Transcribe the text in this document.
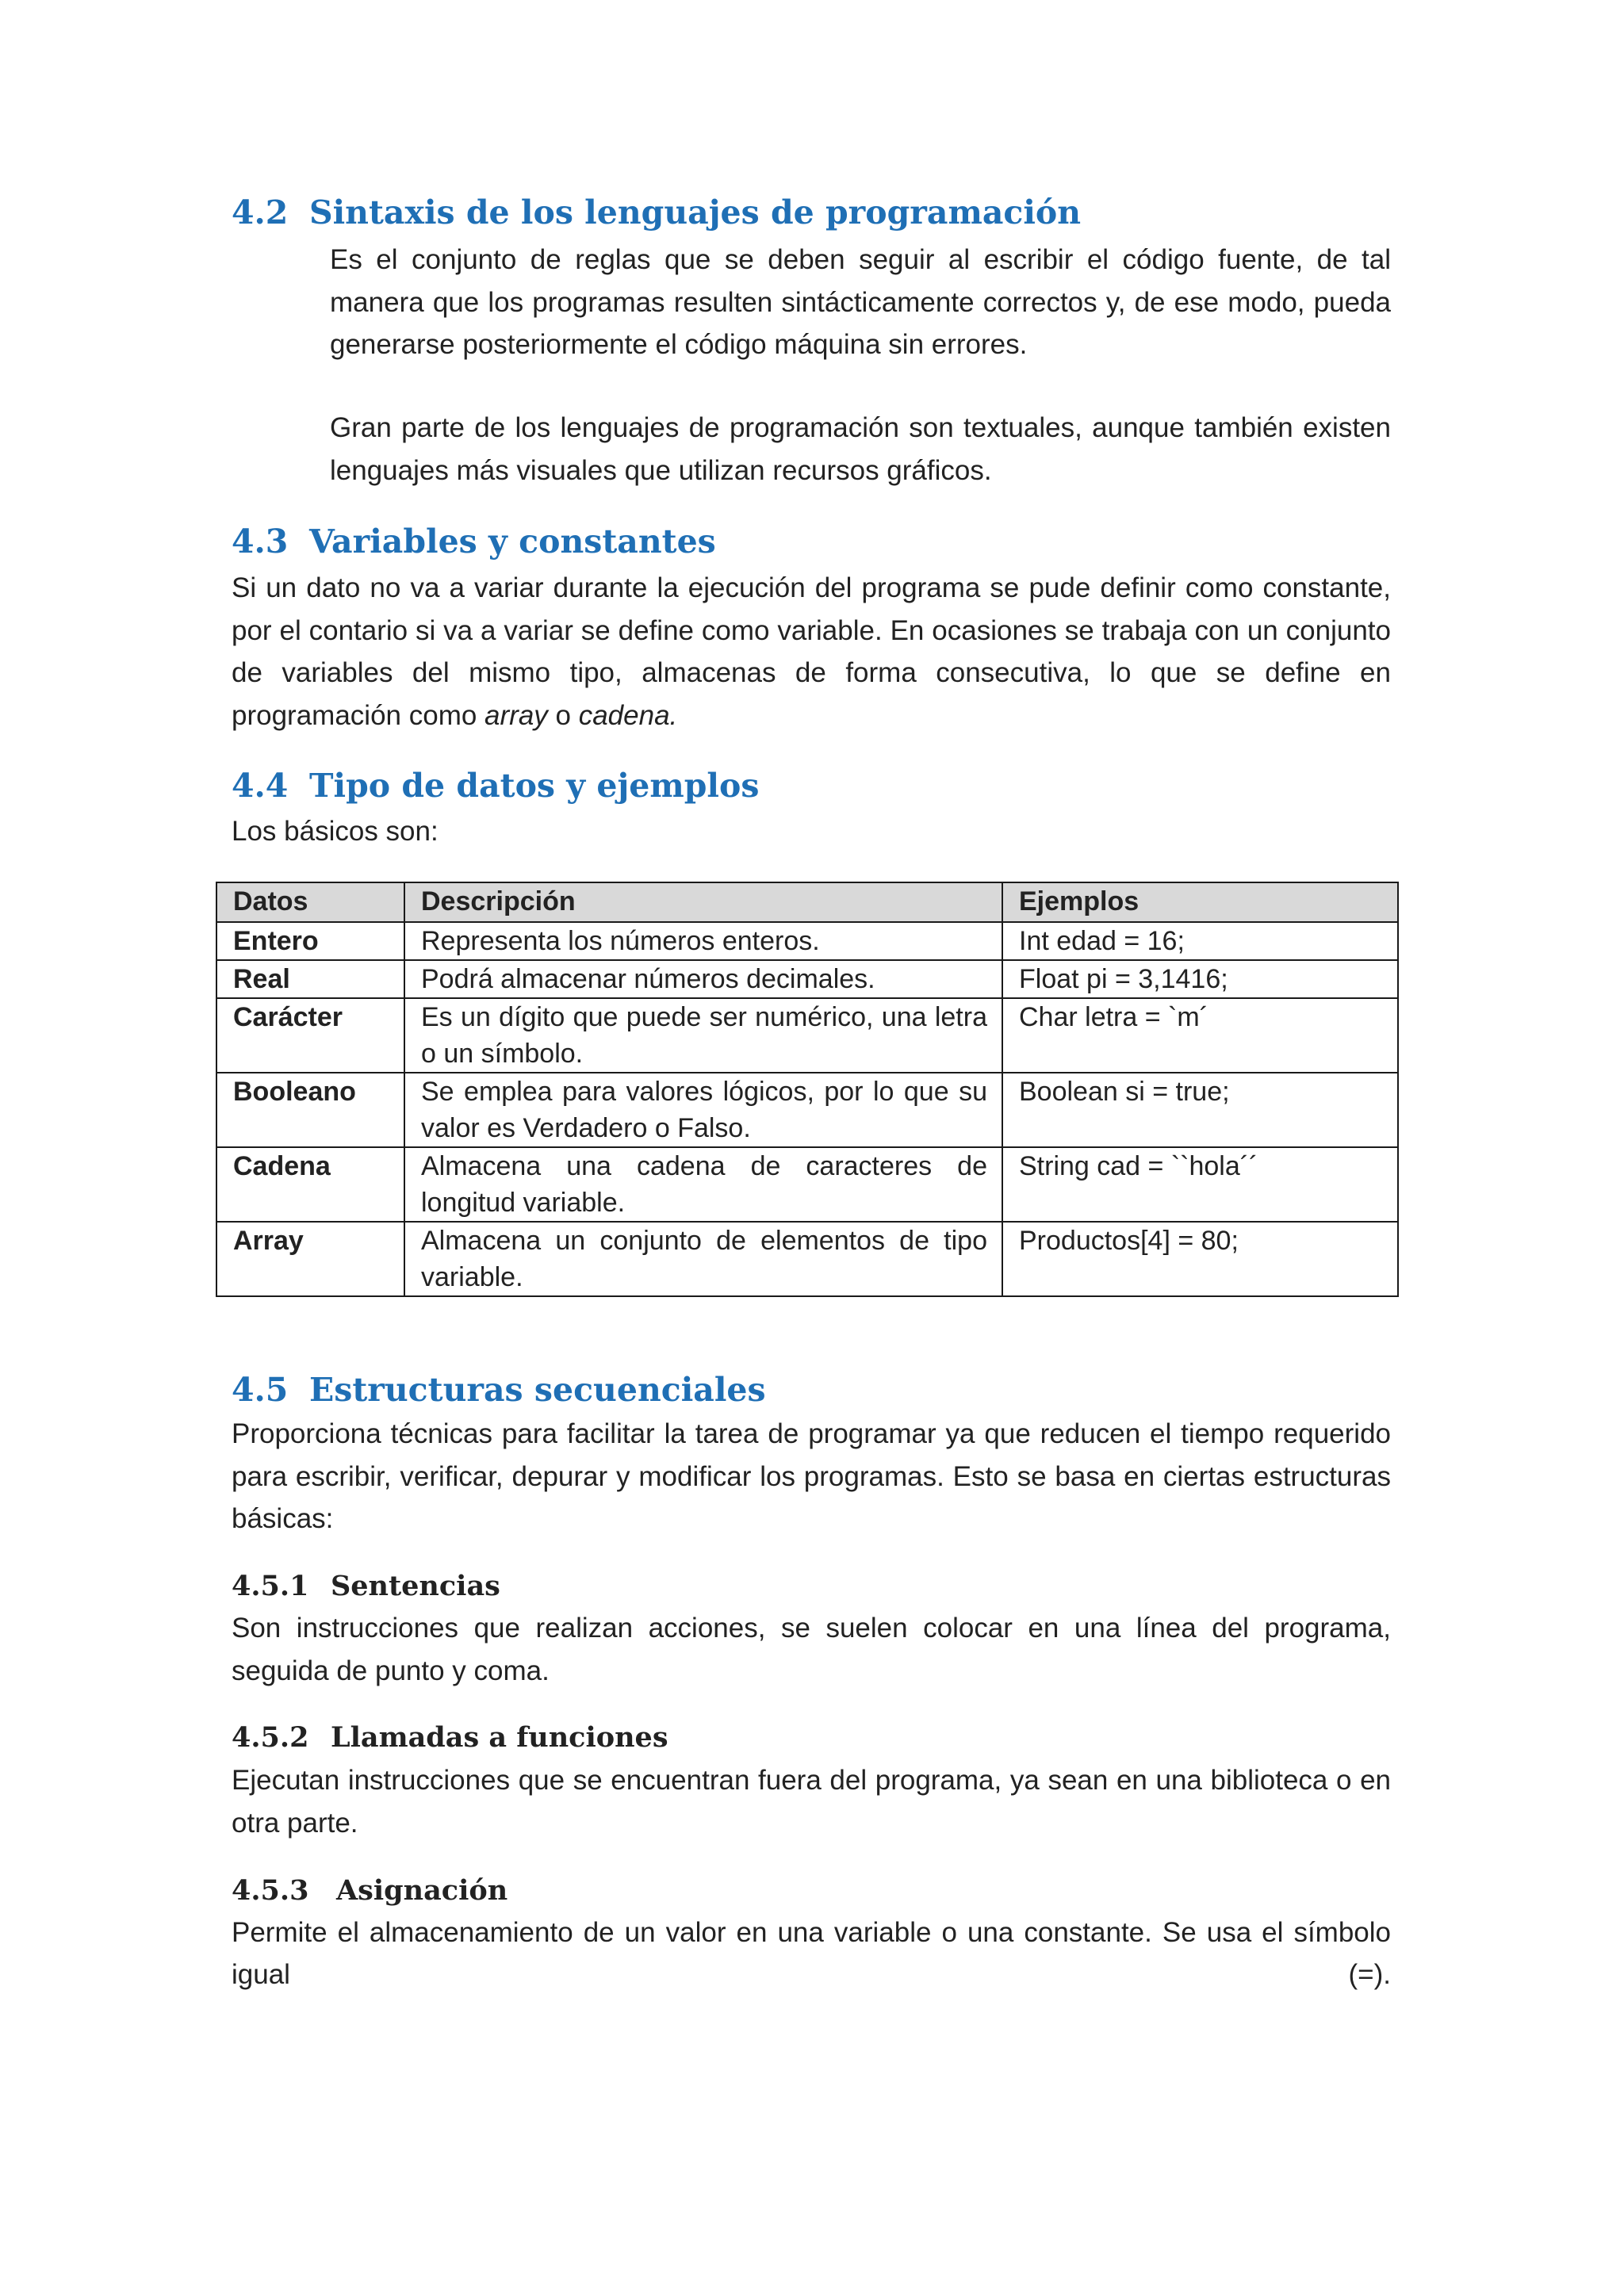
4.2 Sintaxis de los lenguajes de programación
Es el conjunto de reglas que se deben seguir al escribir el código fuente, de tal manera que los programas resulten sintácticamente correctos y, de ese modo, pueda generarse posteriormente el código máquina sin errores.
Gran parte de los lenguajes de programación son textuales, aunque también existen lenguajes más visuales que utilizan recursos gráficos.
4.3 Variables y constantes
Si un dato no va a variar durante la ejecución del programa se pude definir como constante, por el contario si va a variar se define como variable. En ocasiones se trabaja con un conjunto de variables del mismo tipo, almacenas de forma consecutiva, lo que se define en programación como array o cadena.
4.4 Tipo de datos y ejemplos
Los básicos son:
Datos	Descripción	Ejemplos
Entero	Representa los números enteros.	Int edad = 16;
Real	Podrá almacenar números decimales.	Float pi = 3,1416;
Carácter	Es un dígito que puede ser numérico, una letra o un símbolo.	Char letra = `m´
Booleano	Se emplea para valores lógicos, por lo que su valor es Verdadero o Falso.	Boolean si = true;
Cadena	Almacena una cadena de caracteres de longitud variable.	String cad = ``hola´´
Array	Almacena un conjunto de elementos de tipo variable.	Productos[4] = 80;
4.5 Estructuras secuenciales
Proporciona técnicas para facilitar la tarea de programar ya que reducen el tiempo requerido para escribir, verificar, depurar y modificar los programas. Esto se basa en ciertas estructuras básicas:
4.5.1 Sentencias
Son instrucciones que realizan acciones, se suelen colocar en una línea del programa, seguida de punto y coma.
4.5.2 Llamadas a funciones
Ejecutan instrucciones que se encuentran fuera del programa, ya sean en una biblioteca o en otra parte.
4.5.3 Asignación
Permite el almacenamiento de un valor en una variable o una constante. Se usa el símbolo
igual	(=).
